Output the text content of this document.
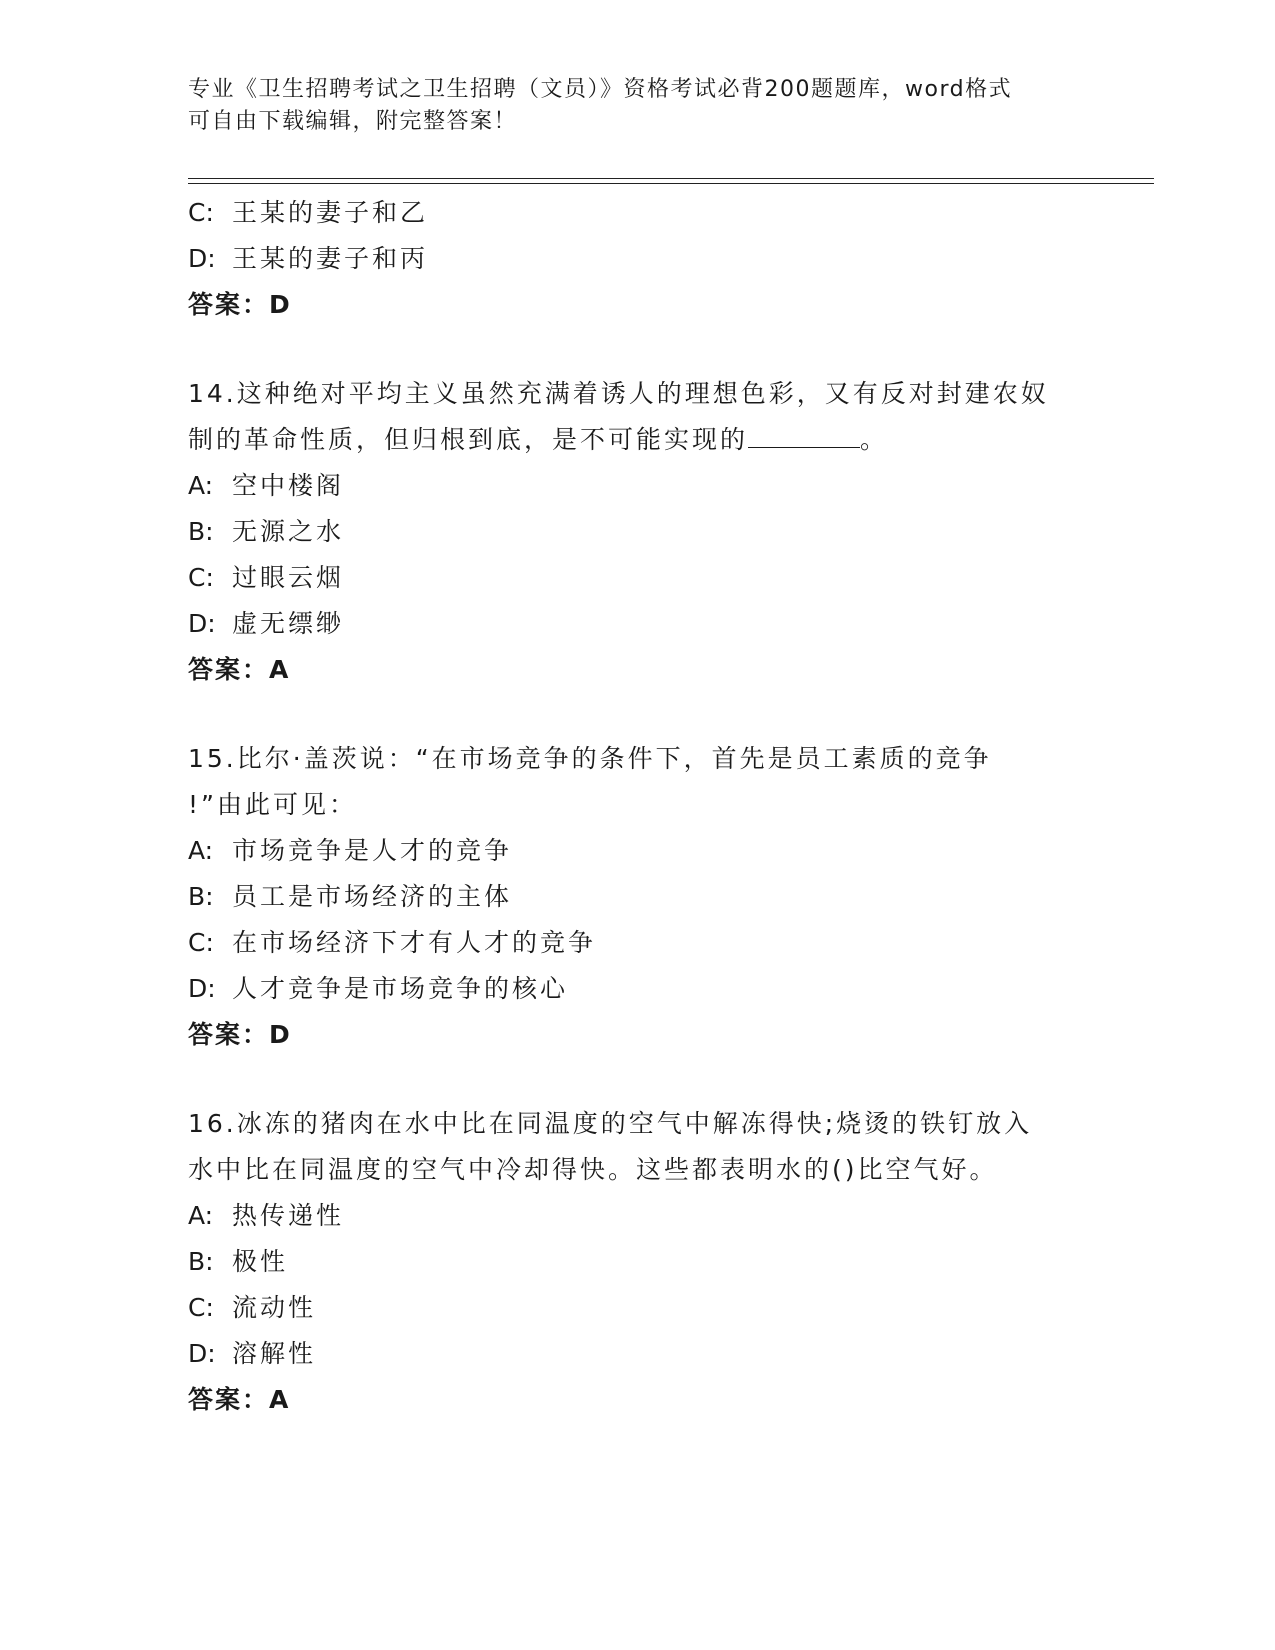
专业《卫生招聘考试之卫生招聘（文员）》资格考试必背200题题库，word格式
可自由下载编辑，附完整答案！
C: 王某的妻子和乙
D: 王某的妻子和丙
答案：D
14.这种绝对平均主义虽然充满着诱人的理想色彩，又有反对封建农奴
制的革命性质，但归根到底，是不可能实现的	。
A: 空中楼阁
B: 无源之水
C: 过眼云烟
D: 虚无缥缈
答案：A
15.比尔·盖茨说：“在市场竞争的条件下，首先是员工素质的竞争
!”由此可见：
A: 市场竞争是人才的竞争
B: 员工是市场经济的主体
C: 在市场经济下才有人才的竞争
D: 人才竞争是市场竞争的核心
答案：D
16.冰冻的猪肉在水中比在同温度的空气中解冻得快;烧烫的铁钉放入
水中比在同温度的空气中冷却得快。这些都表明水的()比空气好。
A: 热传递性
B: 极性
C: 流动性
D: 溶解性
答案：A
